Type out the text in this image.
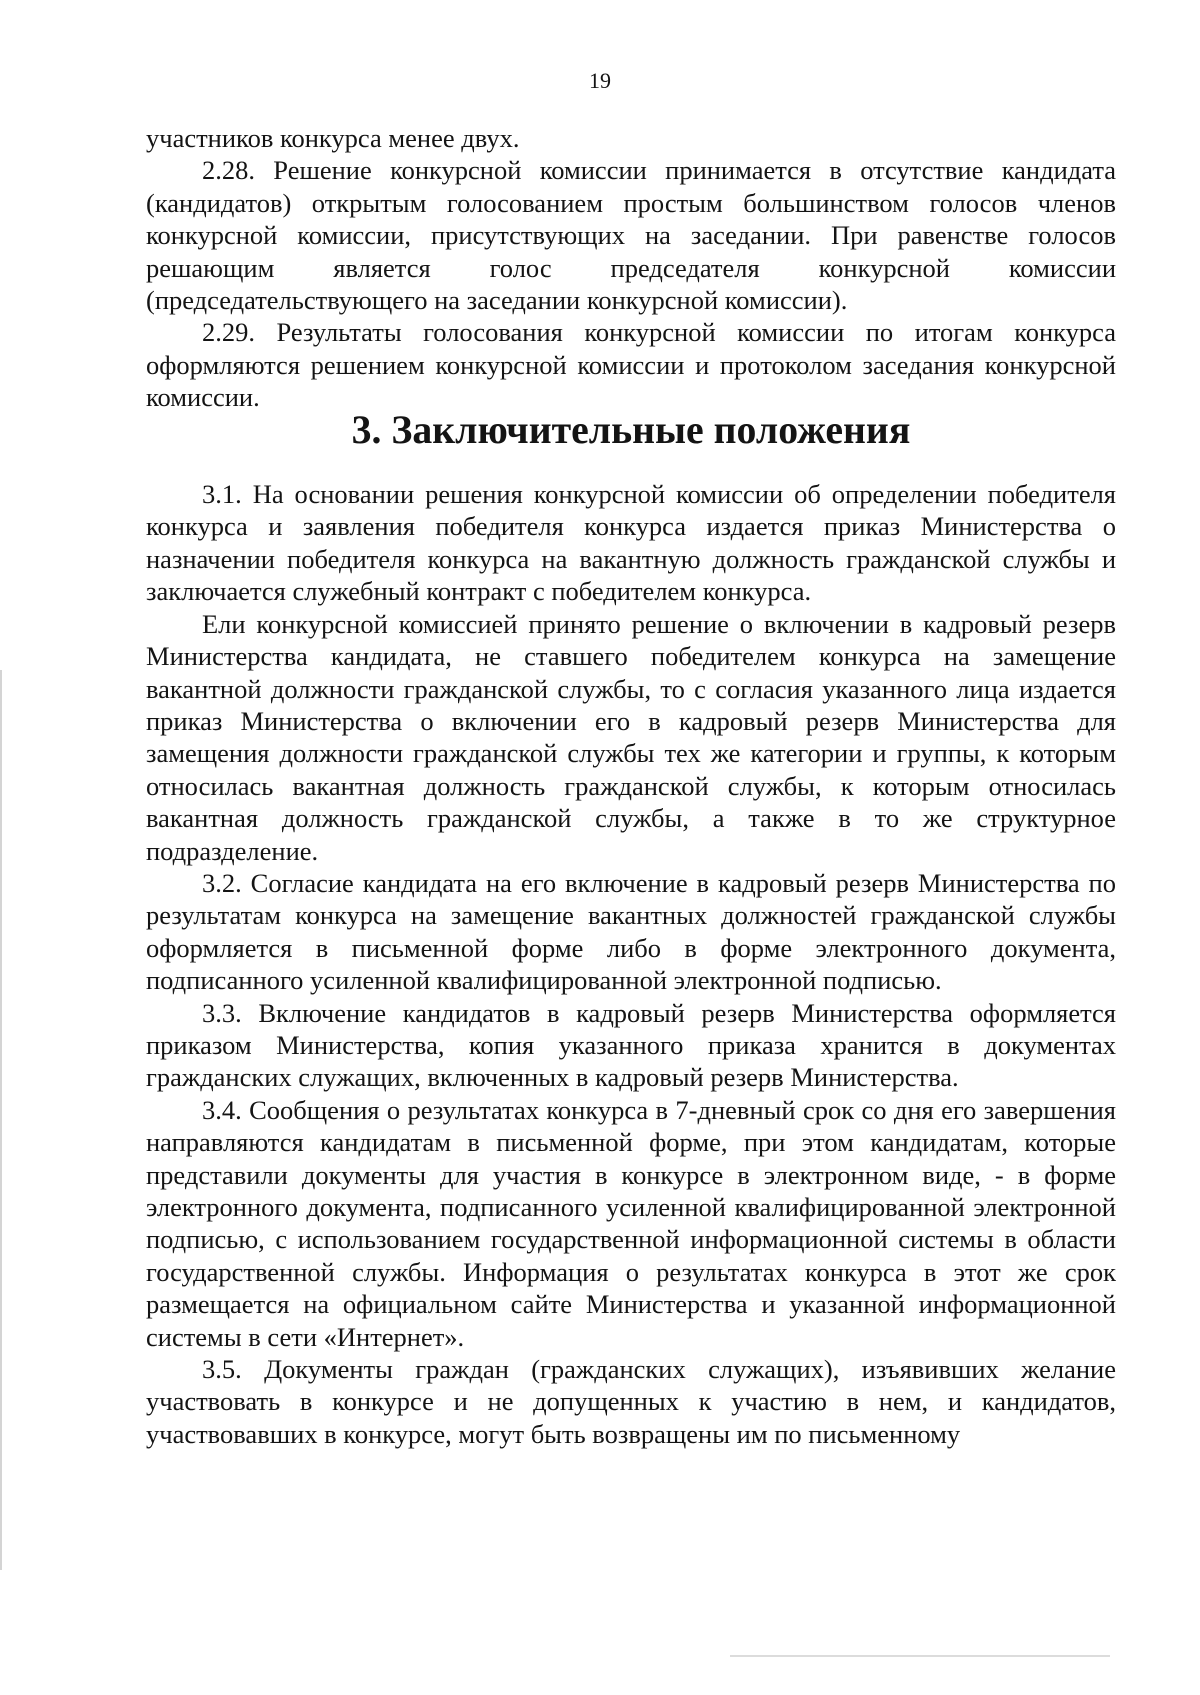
19

участников конкурса менее двух.

2.28. Решение конкурсной комиссии принимается в отсутствие кандидата (кандидатов) открытым голосованием простым большинством голосов членов конкурсной комиссии, присутствующих на заседании. При равенстве голосов решающим является голос председателя конкурсной комиссии (председательствующего на заседании конкурсной комиссии).

2.29. Результаты голосования конкурсной комиссии по итогам конкурса оформляются решением конкурсной комиссии и протоколом заседания конкурсной комиссии.

3. Заключительные положения

3.1. На основании решения конкурсной комиссии об определении победителя конкурса и заявления победителя конкурса издается приказ Министерства о назначении победителя конкурса на вакантную должность гражданской службы и заключается служебный контракт с победителем конкурса.

Ели конкурсной комиссией принято решение о включении в кадровый резерв Министерства кандидата, не ставшего победителем конкурса на замещение вакантной должности гражданской службы, то с согласия указанного лица издается приказ Министерства о включении его в кадровый резерв Министерства для замещения должности гражданской службы тех же категории и группы, к которым относилась вакантная должность гражданской службы, к которым относилась вакантная должность гражданской службы, а также в то же структурное подразделение.

3.2. Согласие кандидата на его включение в кадровый резерв Министерства по результатам конкурса на замещение вакантных должностей гражданской службы оформляется в письменной форме либо в форме электронного документа, подписанного усиленной квалифицированной электронной подписью.

3.3. Включение кандидатов в кадровый резерв Министерства оформляется приказом Министерства, копия указанного приказа хранится в документах гражданских служащих, включенных в кадровый резерв Министерства.

3.4. Сообщения о результатах конкурса в 7-дневный срок со дня его завершения направляются кандидатам в письменной форме, при этом кандидатам, которые представили документы для участия в конкурсе в электронном виде, - в форме электронного документа, подписанного усиленной квалифицированной электронной подписью, с использованием государственной информационной системы в области государственной службы. Информация о результатах конкурса в этот же срок размещается на официальном сайте Министерства и указанной информационной системы в сети «Интернет».

3.5. Документы граждан (гражданских служащих), изъявивших желание участвовать в конкурсе и не допущенных к участию в нем, и кандидатов, участвовавших в конкурсе, могут быть возвращены им по письменному
